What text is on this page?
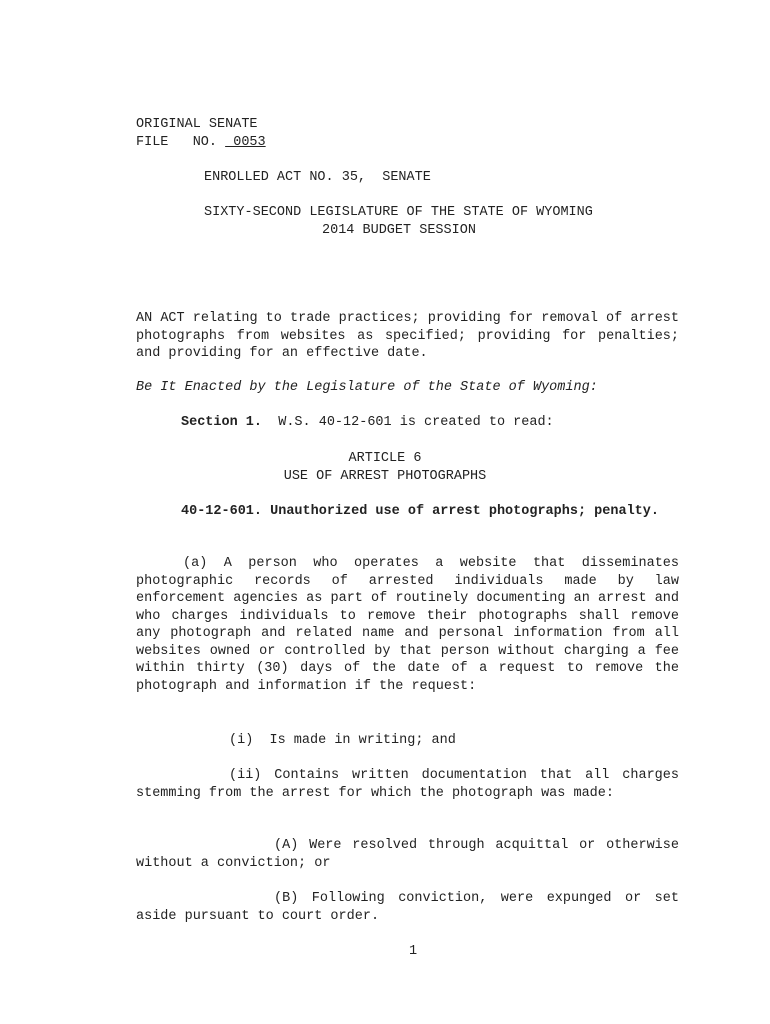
ORIGINAL SENATE
FILE   NO.  0053
ENROLLED ACT NO. 35,  SENATE
SIXTY-SECOND LEGISLATURE OF THE STATE OF WYOMING
2014 BUDGET SESSION
AN ACT relating to trade practices; providing for removal of arrest photographs from websites as specified; providing for penalties; and providing for an effective date.
Be It Enacted by the Legislature of the State of Wyoming:
Section 1.  W.S. 40-12-601 is created to read:
ARTICLE 6
USE OF ARREST PHOTOGRAPHS
40-12-601. Unauthorized use of arrest photographs; penalty.
(a) A person who operates a website that disseminates photographic records of arrested individuals made by law enforcement agencies as part of routinely documenting an arrest and who charges individuals to remove their photographs shall remove any photograph and related name and personal information from all websites owned or controlled by that person without charging a fee within thirty (30) days of the date of a request to remove the photograph and information if the request:
(i)  Is made in writing; and
(ii) Contains written documentation that all charges stemming from the arrest for which the photograph was made:
(A) Were resolved through acquittal or otherwise without a conviction; or
(B) Following conviction, were expunged or set aside pursuant to court order.
1
